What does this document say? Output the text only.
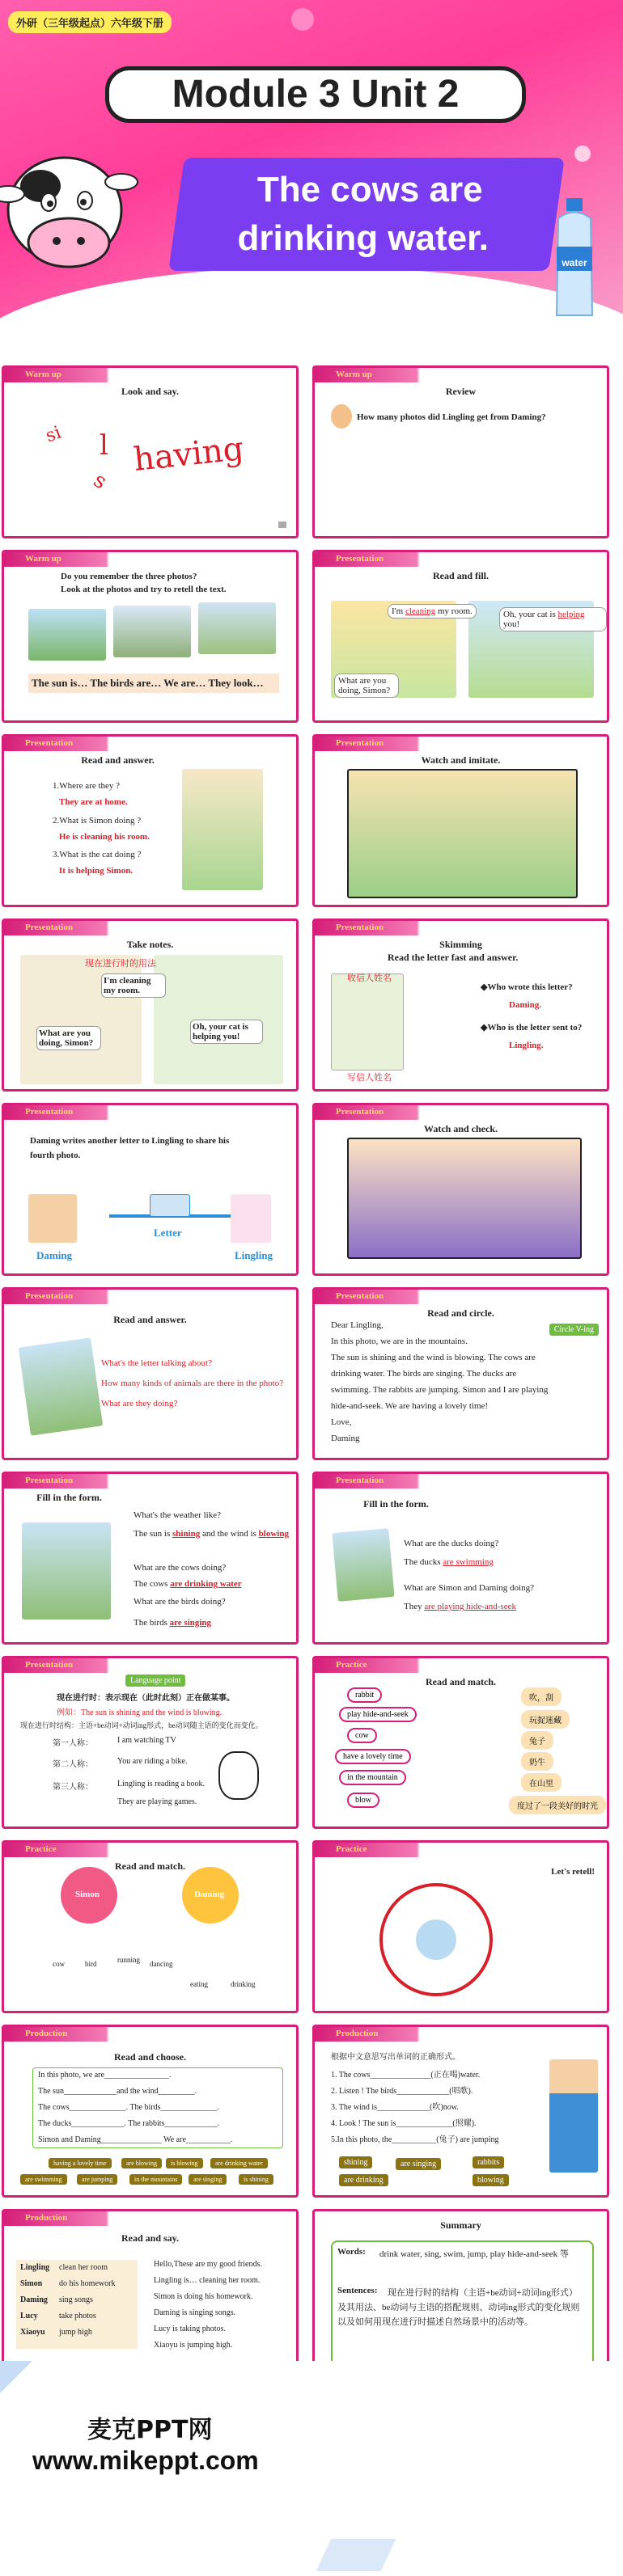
外研（三年级起点）六年级下册
Module 3 Unit 2
The cows are
drinking water.
water
Warm up
Look and say.
having
si l
s
Warm up
Review
How many photos did Lingling get from Daming?
Warm up
Do you remember the three photos?
Look at the photos and try to retell the text.
The sun is… The birds are… We are… They look…
Presentation
Read and fill.
I'm cleaning my room.	Oh, your cat is helping you!
What are you doing, Simon?
Presentation
Read and answer.
1.Where are they ?
They are at home.
2.What is Simon doing ?
He is cleaning his room.
3.What is the cat doing ?
It is helping Simon.
Presentation
Watch and imitate.
Presentation
Take notes.
现在进行时的用法
I'm cleaning my room.
What are you doing, Simon?
Oh, your cat is helping you!
Presentation
Skimming
Read the letter fast and answer.
收信人姓名
写信人姓名
◆Who wrote this letter?
Daming.
◆Who is the letter sent to?
Lingling.
Presentation
Daming writes another letter to Lingling to share his
fourth photo.
Daming
Letter
Lingling
Presentation
Watch and check.
Presentation
Read and answer.
What's the letter talking about?
How many kinds of animals are there in the photo?
What are they doing?
Presentation
Read and circle.
Circle V-ing
Dear Lingling,
In this photo, we are in the mountains.
The sun is shining and the wind is blowing. The cows are
drinking water. The birds are singing. The ducks are
swimming. The rabbits are jumping. Simon and I are playing
hide-and-seek. We are having a lovely time!
Love,
Daming
Presentation
Fill in the form.
What's the weather like?
The sun is shining and the wind is blowing
What are the cows doing?
The cows are drinking water
What are the birds doing?
The birds are singing
Presentation
Fill in the form.
What are the ducks doing?
The ducks are swimming
What are Simon and Daming doing?
They are playing hide-and-seek
Presentation
Language point
现在进行时：表示现在（此时此刻）正在做某事。
例如：The sun is shining and the wind is blowing.
现在进行时结构：主语+be动词+动词ing形式，be动词随主语的变化而变化。
第一人称：	I am watching TV
第二人称：	You are riding a bike.
第三人称：	Lingling is reading a book.
They are playing games.
Practice
Read and match.
rabbit
play hide-and-seek
cow
have a lovely time
in the mountain
blow
吹，刮
玩捉迷藏
兔子
奶牛
在山里
度过了一段美好的时光
Practice
Read and match.
Simon	Daming
cow	bird	running dancing
eating	drinking
Practice
Let's retell!
Production
Read and choose.
In this photo, we are________________.
The sun_____________and the wind_________.
The cows______________. The birds______________.
The ducks_____________. The rabbits_____________.
Simon and Daming_______________ We are___________.
having a lovely time	are blowing	is blowing	are drinking water
are swimming	are jumping	in the mountains	are singing	is shining
Production
根据中文意思写出单词的正确形式。
1. The cows_______________(正在喝)water.
2. Listen ! The birds_____________(唱歌).
3. The wind is_____________(吹)now.
4. Look ! The sun is______________(照耀).
5.In this photo, the___________(兔子) are jumping
shining	are singing	rabbits
are drinking	blowing
Production
Read and say.
Lingling clean her room
Simon do his homework
Daming sing songs
Lucy	take photos
Xiaoyu jump high
Hello,These are my good friends.
Lingling is… cleaning her room.
Simon is doing his homework.
Daming is singing songs.
Lucy is taking photos.
Xiaoyu is jumping high.
Summary
Words: drink water, sing, swim, jump, play hide-and-seek 等
Sentences:	现在进行时的结构（主语+be动词+动词ing形式）及其用法、be动词与主语的搭配规则、动词ing形式的变化规则以及如何用现在进行时描述自然场景中的活动等。
麦克PPT网
www.mikeppt.com
